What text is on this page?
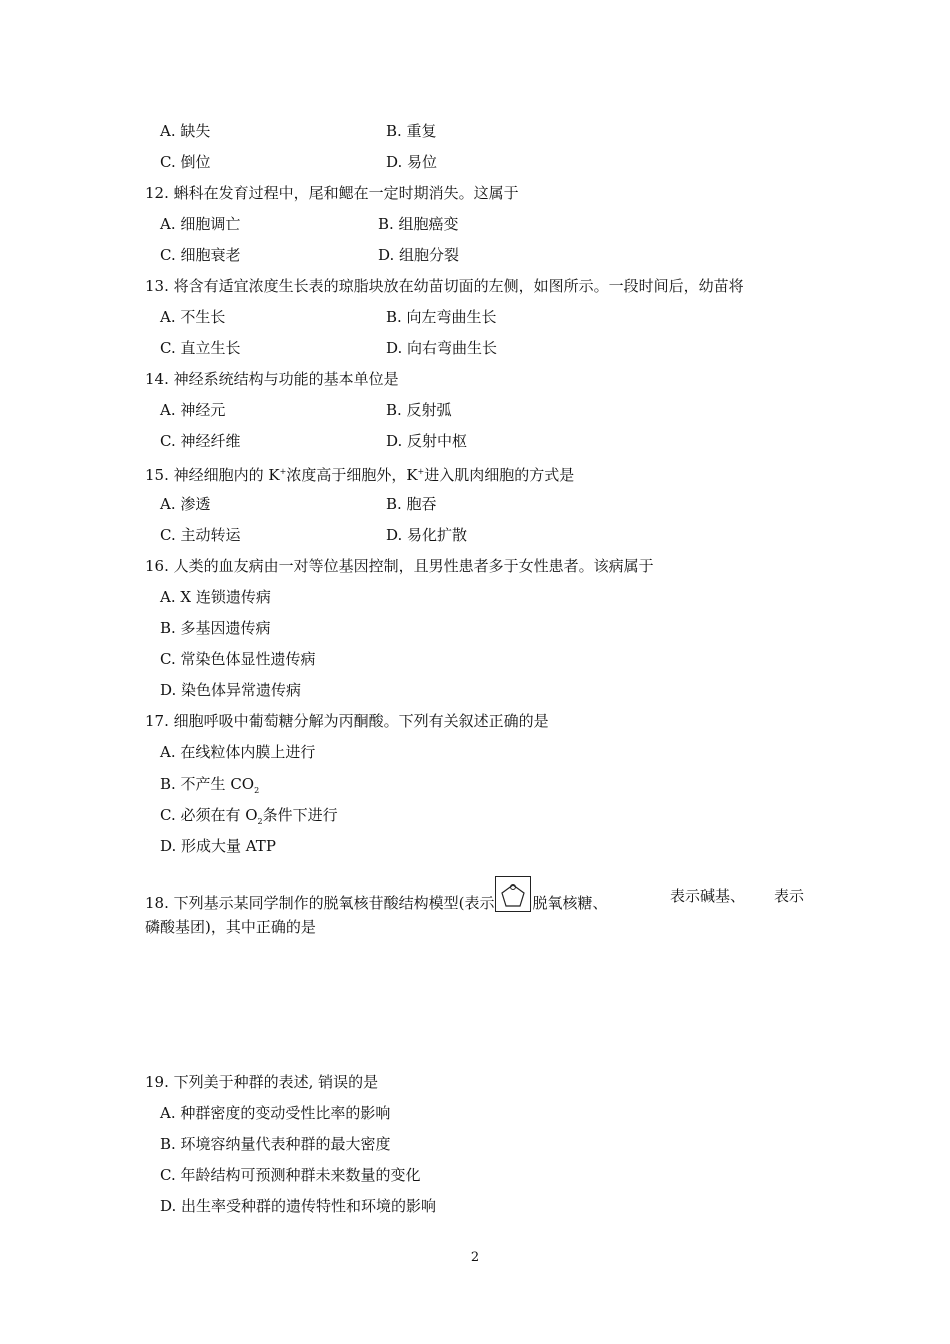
A. 缺失	B. 重复
C. 倒位	D. 易位
12. 蝌科在发育过程中，尾和鳃在一定时期消失。这属于
A. 细胞调亡	B. 组胞癌变
C. 细胞衰老	D. 组胞分裂
13. 将含有适宜浓度生长表的琼脂块放在幼苗切面的左侧，如图所示。一段时间后，幼苗将
A. 不生长	B. 向左弯曲生长
C. 直立生长	D. 向右弯曲生长
14. 神经系统结构与功能的基本单位是
A. 神经元	B. 反射弧
C. 神经纤维	D. 反射中枢
15. 神经细胞内的 K+浓度高于细胞外，K+进入肌肉细胞的方式是
A. 渗透	B. 胞吞
C. 主动转运	D. 易化扩散
16. 人类的血友病由一对等位基因控制，且男性患者多于女性患者。该病属于
A. X 连锁遗传病
B. 多基因遗传病
C. 常染色体显性遗传病
D. 染色体异常遗传病
17. 细胞呼吸中葡萄糖分解为丙酮酸。下列有关叙述正确的是
A. 在线粒体内膜上进行
B. 不产生 $CO_2$
C. 必须在有 $O_2$条件下进行
D. 形成大量 ATP
18. 下列基示某同学制作的脱氧核苷酸结构模型(表示	脱氧核糖、	表示碱基、 表示
磷酸基团)，其中正确的是
19. 下列美于种群的表述, 销误的是
A. 种群密度的变动受性比率的影响
B. 环境容纳量代表种群的最大密度
C. 年龄结构可预测种群未来数量的变化
D. 出生率受种群的遗传特性和环境的影响
2
